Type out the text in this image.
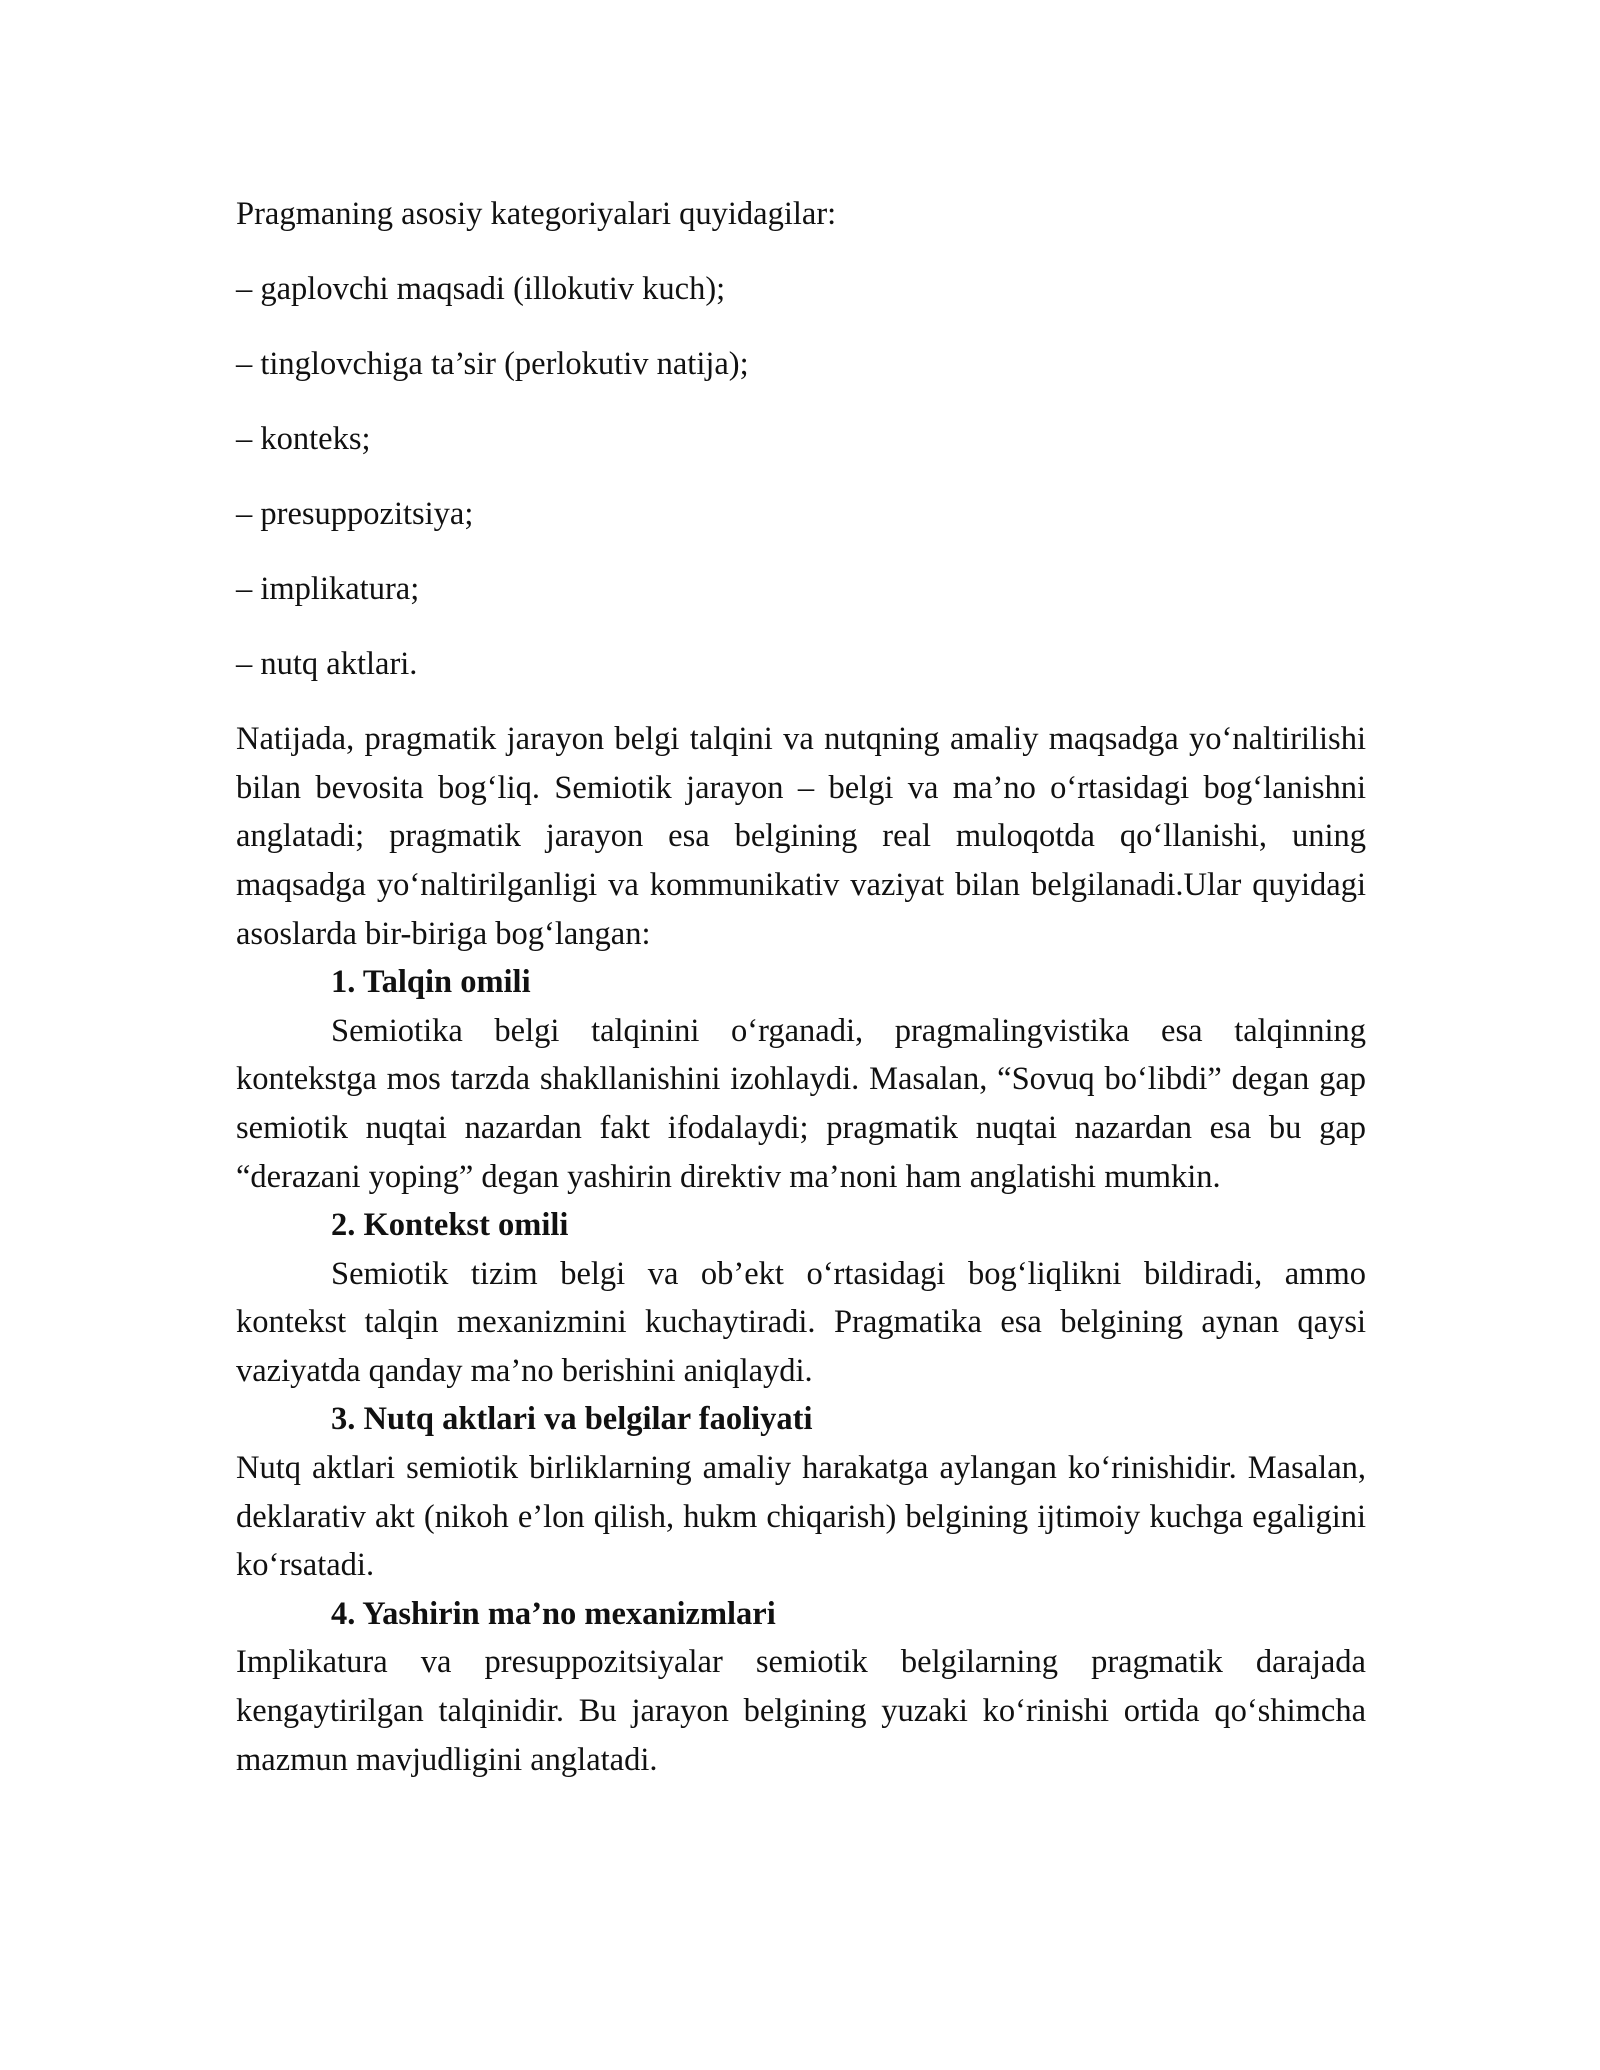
Pragmaning asosiy kategoriyalari quyidagilar:

– gaplovchi maqsadi (illokutiv kuch);
– tinglovchiga ta’sir (perlokutiv natija);
– konteks;
– presuppozitsiya;
– implikatura;
– nutq aktlari.

Natijada, pragmatik jarayon belgi talqini va nutqning amaliy maqsadga yo‘naltirilishi bilan bevosita bog‘liq. Semiotik jarayon – belgi va ma’no o‘rtasidagi bog‘lanishni anglatadi; pragmatik jarayon esa belgining real muloqotda qo‘llanishi, uning maqsadga yo‘naltirilganligi va kommunikativ vaziyat bilan belgilanadi.Ular quyidagi asoslarda bir-biriga bog‘langan:

1. Talqin omili

Semiotika belgi talqinini o‘rganadi, pragmalingvistika esa talqinning kontekstga mos tarzda shakllanishini izohlaydi. Masalan, “Sovuq bo‘libdi” degan gap semiotik nuqtai nazardan fakt ifodalaydi; pragmatik nuqtai nazardan esa bu gap “derazani yoping” degan yashirin direktiv ma’noni ham anglatishi mumkin.

2. Kontekst omili

Semiotik tizim belgi va ob’ekt o‘rtasidagi bog‘liqlikni bildiradi, ammo kontekst talqin mexanizmini kuchaytiradi. Pragmatika esa belgining aynan qaysi vaziyatda qanday ma’no berishini aniqlaydi.

3. Nutq aktlari va belgilar faoliyati

Nutq aktlari semiotik birliklarning amaliy harakatga aylangan ko‘rinishidir. Masalan, deklarativ akt (nikoh e’lon qilish, hukm chiqarish) belgining ijtimoiy kuchga egaligini ko‘rsatadi.

4. Yashirin ma’no mexanizmlari

Implikatura va presuppozitsiyalar semiotik belgilarning pragmatik darajada kengaytirilgan talqinidir. Bu jarayon belgining yuzaki ko‘rinishi ortida qo‘shimcha mazmun mavjudligini anglatadi.
